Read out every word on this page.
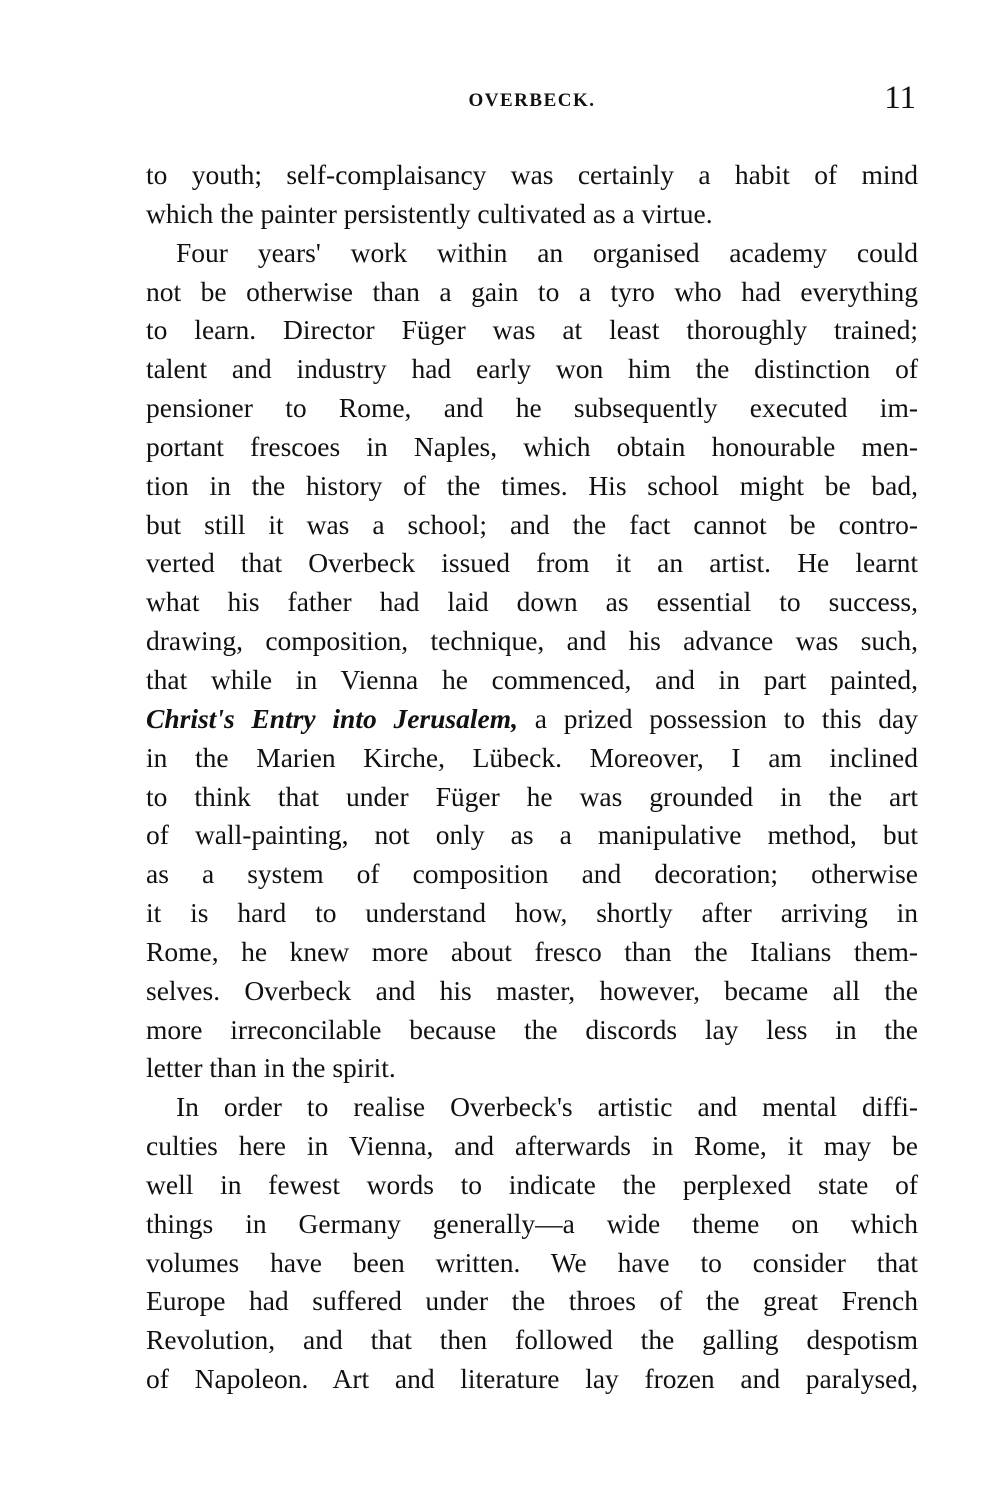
OVERBECK.	11
to youth; self-complaisancy was certainly a habit of mind
which the painter persistently cultivated as a virtue.
Four years' work within an organised academy could
not be otherwise than a gain to a tyro who had everything
to learn. Director Füger was at least thoroughly trained;
talent and industry had early won him the distinction of
pensioner to Rome, and he subsequently executed im-
portant frescoes in Naples, which obtain honourable men-
tion in the history of the times. His school might be bad,
but still it was a school; and the fact cannot be contro-
verted that Overbeck issued from it an artist. He learnt
what his father had laid down as essential to success,
drawing, composition, technique, and his advance was such,
that while in Vienna he commenced, and in part painted,
Christ's Entry into Jerusalem, a prized possession to this day
in the Marien Kirche, Lübeck. Moreover, I am inclined
to think that under Füger he was grounded in the art
of wall-painting, not only as a manipulative method, but
as a system of composition and decoration; otherwise
it is hard to understand how, shortly after arriving in
Rome, he knew more about fresco than the Italians them-
selves. Overbeck and his master, however, became all the
more irreconcilable because the discords lay less in the
letter than in the spirit.
In order to realise Overbeck's artistic and mental diffi-
culties here in Vienna, and afterwards in Rome, it may be
well in fewest words to indicate the perplexed state of
things in Germany generally—a wide theme on which
volumes have been written. We have to consider that
Europe had suffered under the throes of the great French
Revolution, and that then followed the galling despotism
of Napoleon. Art and literature lay frozen and paralysed,
